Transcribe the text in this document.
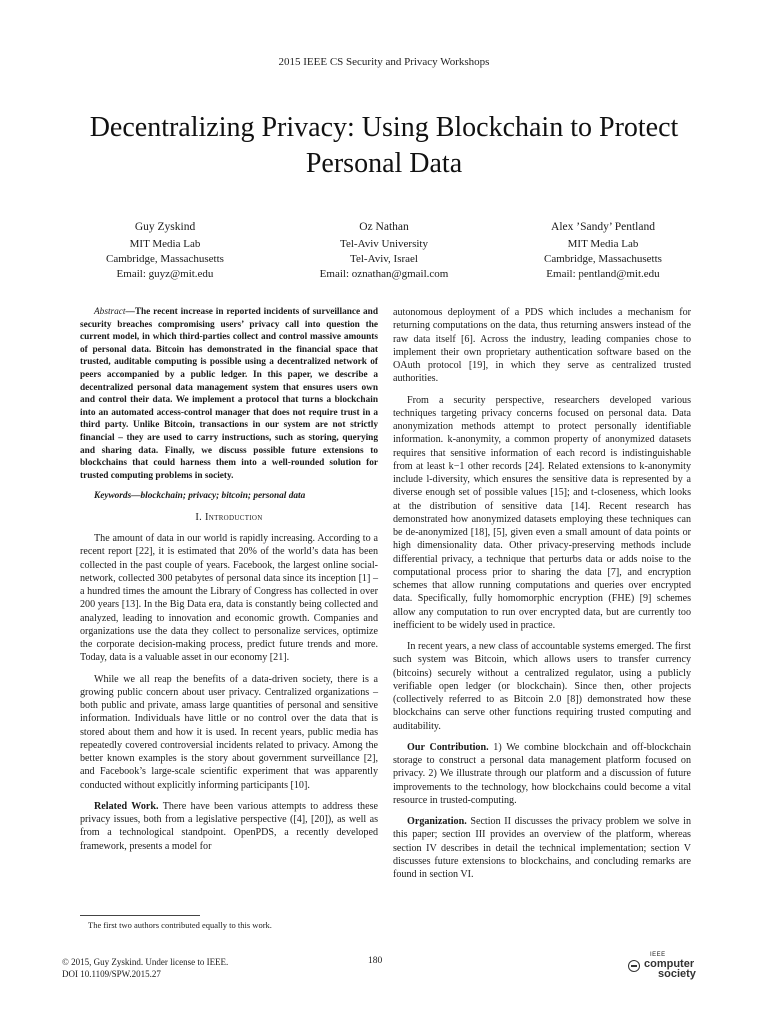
2015 IEEE CS Security and Privacy Workshops
Decentralizing Privacy: Using Blockchain to Protect
Personal Data
Guy Zyskind
MIT Media Lab
Cambridge, Massachusetts
Email: guyz@mit.edu
Oz Nathan
Tel-Aviv University
Tel-Aviv, Israel
Email: oznathan@gmail.com
Alex ’Sandy’ Pentland
MIT Media Lab
Cambridge, Massachusetts
Email: pentland@mit.edu

Abstract—The recent increase in reported incidents of surveillance and security breaches compromising users’ privacy call into question the current model, in which third-parties collect and control massive amounts of personal data. Bitcoin has demonstrated in the financial space that trusted, auditable computing is possible using a decentralized network of peers accompanied by a public ledger. In this paper, we describe a decentralized personal data management system that ensures users own and control their data. We implement a protocol that turns a blockchain into an automated access-control manager that does not require trust in a third party. Unlike Bitcoin, transactions in our system are not strictly financial – they are used to carry instructions, such as storing, querying and sharing data. Finally, we discuss possible future extensions to blockchains that could harness them into a well-rounded solution for trusted computing problems in society.

Keywords—blockchain; privacy; bitcoin; personal data

I. Introduction

The amount of data in our world is rapidly increasing. According to a recent report [22], it is estimated that 20% of the world’s data has been collected in the past couple of years. Facebook, the largest online social-network, collected 300 petabytes of personal data since its inception [1] – a hundred times the amount the Library of Congress has collected in over 200 years [13]. In the Big Data era, data is constantly being collected and analyzed, leading to innovation and economic growth. Companies and organizations use the data they collect to personalize services, optimize the corporate decision-making process, predict future trends and more. Today, data is a valuable asset in our economy [21].

While we all reap the benefits of a data-driven society, there is a growing public concern about user privacy. Centralized organizations – both public and private, amass large quantities of personal and sensitive information. Individuals have little or no control over the data that is stored about them and how it is used. In recent years, public media has repeatedly covered controversial incidents related to privacy. Among the better known examples is the story about government surveillance [2], and Facebook’s large-scale scientific experiment that was apparently conducted without explicitly informing participants [10].

Related Work. There have been various attempts to address these privacy issues, both from a legislative perspective ([4], [20]), as well as from a technological standpoint. OpenPDS, a recently developed framework, presents a model for

autonomous deployment of a PDS which includes a mechanism for returning computations on the data, thus returning answers instead of the raw data itself [6]. Across the industry, leading companies chose to implement their own proprietary authentication software based on the OAuth protocol [19], in which they serve as centralized trusted authorities.

From a security perspective, researchers developed various techniques targeting privacy concerns focused on personal data. Data anonymization methods attempt to protect personally identifiable information. k-anonymity, a common property of anonymized datasets requires that sensitive information of each record is indistinguishable from at least k−1 other records [24]. Related extensions to k-anonymity include l-diversity, which ensures the sensitive data is represented by a diverse enough set of possible values [15]; and t-closeness, which looks at the distribution of sensitive data [14]. Recent research has demonstrated how anonymized datasets employing these techniques can be de-anonymized [18], [5], given even a small amount of data points or high dimensionality data. Other privacy-preserving methods include differential privacy, a technique that perturbs data or adds noise to the computational process prior to sharing the data [7], and encryption schemes that allow running computations and queries over encrypted data. Specifically, fully homomorphic encryption (FHE) [9] schemes allow any computation to run over encrypted data, but are currently too inefficient to be widely used in practice.

In recent years, a new class of accountable systems emerged. The first such system was Bitcoin, which allows users to transfer currency (bitcoins) securely without a centralized regulator, using a publicly verifiable open ledger (or blockchain). Since then, other projects (collectively referred to as Bitcoin 2.0 [8]) demonstrated how these blockchains can serve other functions requiring trusted computing and auditability.

Our Contribution. 1) We combine blockchain and off-blockchain storage to construct a personal data management platform focused on privacy. 2) We illustrate through our platform and a discussion of future improvements to the technology, how blockchains could become a vital resource in trusted-computing.

Organization. Section II discusses the privacy problem we solve in this paper; section III provides an overview of the platform, whereas section IV describes in detail the technical implementation; section V discusses future extensions to blockchains, and concluding remarks are found in section VI.

The first two authors contributed equally to this work.
© 2015, Guy Zyskind. Under license to IEEE.
DOI 10.1109/SPW.2015.27
180
IEEE
computer
society
